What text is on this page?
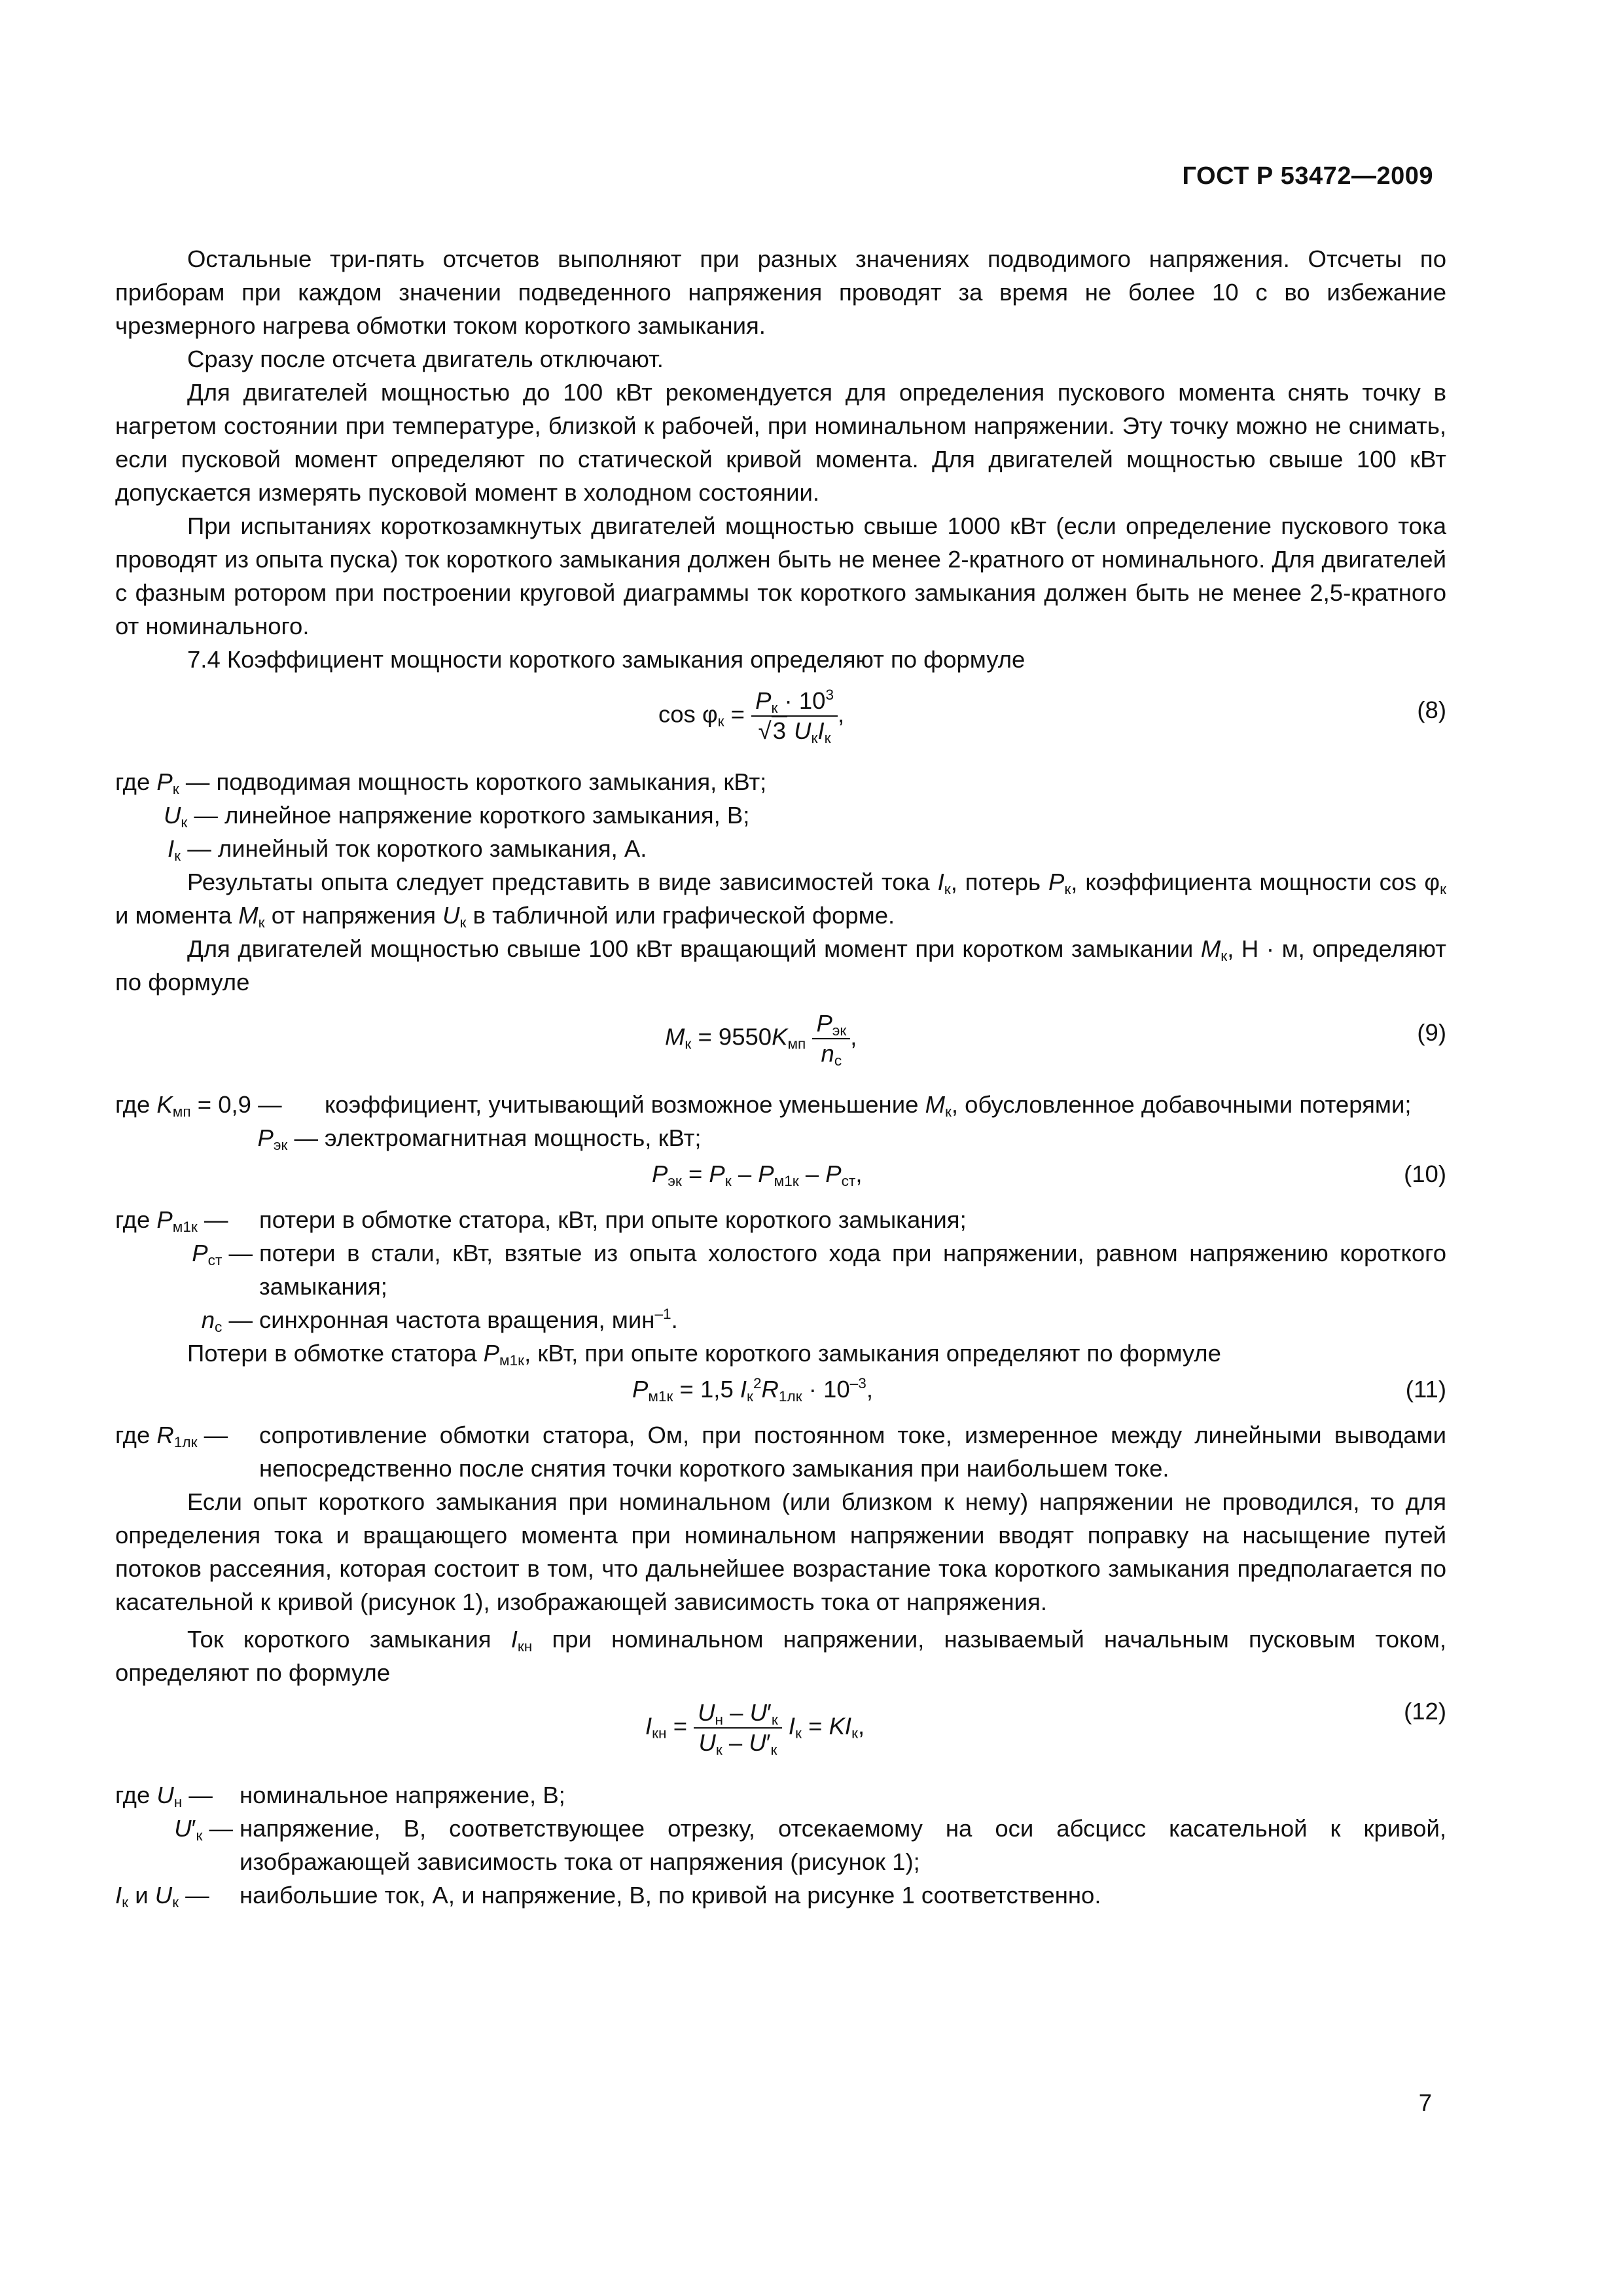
ГОСТ Р 53472—2009

Остальные три-пять отсчетов выполняют при разных значениях подводимого напряжения. Отсчеты по приборам при каждом значении подведенного напряжения проводят за время не более 10 с во избежание чрезмерного нагрева обмотки током короткого замыкания.

Сразу после отсчета двигатель отключают.

Для двигателей мощностью до 100 кВт рекомендуется для определения пускового момента снять точку в нагретом состоянии при температуре, близкой к рабочей, при номинальном напряжении. Эту точку можно не снимать, если пусковой момент определяют по статической кривой момента. Для двигателей мощностью свыше 100 кВт допускается измерять пусковой момент в холодном состоянии.

При испытаниях короткозамкнутых двигателей мощностью свыше 1000 кВт (если определение пускового тока проводят из опыта пуска) ток короткого замыкания должен быть не менее 2-кратного от номинального. Для двигателей с фазным ротором при построении круговой диаграммы ток короткого замыкания должен быть не менее 2,5-кратного от номинального.

7.4 Коэффициент мощности короткого замыкания определяют по формуле

$\cos \varphi_к = \frac{P_к \cdot 10^3}{√3 U_кI_к}$ ,	(8)
где $P_к$ — подводимая мощность короткого замыкания, кВт;
$U_к$ — линейное напряжение короткого замыкания, В;
$I_к$ — линейный ток короткого замыкания, А.

Результаты опыта следует представить в виде зависимостей тока $I_к$, потерь $P_к$, коэффициента мощности $\cos \varphi_к$ и момента $M_к$ от напряжения $U_к$ в табличной или графической форме.

Для двигателей мощностью свыше 100 кВт вращающий момент при коротком замыкании $M_к$, Н · м, определяют по формуле

$M_к = 9550K_{мп} \frac{P_{эк}}{n_с}$ ,	(9)
где $K_{мп} = 0,9$ —	коэффициент, учитывающий возможное уменьшение $M_к$, обусловленное добавочными потерями;
$P_{эк}$ — электромагнитная мощность, кВт;
$P_{эк} = P_к - P_{м1к} - P_{ст}$,	(10)
где $P_{м1к}$ —	потери в обмотке статора, кВт, при опыте короткого замыкания;
$P_{ст}$ — потери в стали, кВт, взятые из опыта холостого хода при напряжении, равном напряжению короткого замыкания;
$n_с$ — синхронная частота вращения, мин$^{-1}$.

Потери в обмотке статора $P_{м1к}$, кВт, при опыте короткого замыкания определяют по формуле

$P_{м1к} = 1,5$ $I_к^2R_{1лк} \cdot 10^{-3}$,	(11)
где $R_{1лк}$ —	сопротивление обмотки статора, Ом, при постоянном токе, измеренное между линейными выводами непосредственно после снятия точки короткого замыкания при наибольшем токе.

Если опыт короткого замыкания при номинальном (или близком к нему) напряжении не проводился, то для определения тока и вращающего момента при номинальном напряжении вводят поправку на насыщение путей потоков рассеяния, которая состоит в том, что дальнейшее возрастание тока короткого замыкания предполагается по касательной к кривой (рисунок 1), изображающей зависимость тока от напряжения.

Ток короткого замыкания $I_{кн}$ при номинальном напряжении, называемый начальным пусковым током, определяют по формуле

$I_{кн} = \frac{U_н - U'_к}{U_к - U'_к} I_к = KI_к$,
(12)
где $U_н$ —	номинальное напряжение, В;
$U'_к$ — напряжение, В, соответствующее отрезку, отсекаемому на оси абсцисс касательной к кривой, изображающей зависимость тока от напряжения (рисунок 1);
$I_к$ и $U_к$ —	наибольшие ток, А, и напряжение, В, по кривой на рисунке 1 соответственно.
7
